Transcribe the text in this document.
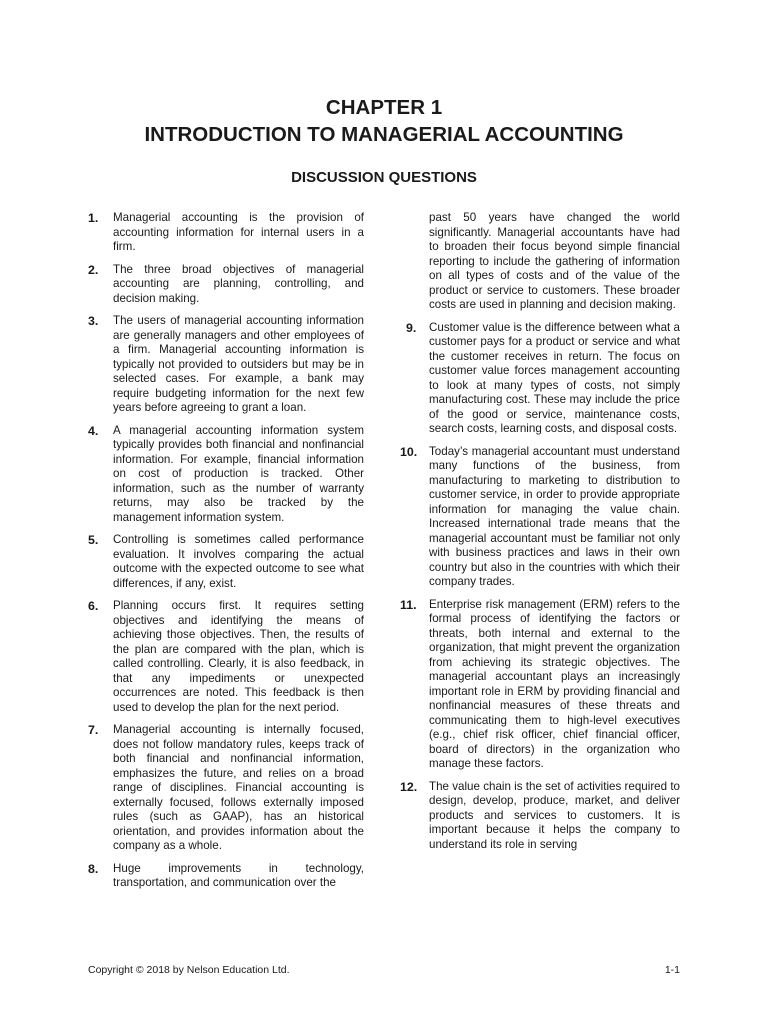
CHAPTER 1
INTRODUCTION TO MANAGERIAL ACCOUNTING
DISCUSSION QUESTIONS
1. Managerial accounting is the provision of accounting information for internal users in a firm.
2. The three broad objectives of managerial accounting are planning, controlling, and decision making.
3. The users of managerial accounting information are generally managers and other employees of a firm. Managerial accounting information is typically not provided to outsiders but may be in selected cases. For example, a bank may require budgeting information for the next few years before agreeing to grant a loan.
4. A managerial accounting information system typically provides both financial and nonfinancial information. For example, financial information on cost of production is tracked. Other information, such as the number of warranty returns, may also be tracked by the management information system.
5. Controlling is sometimes called performance evaluation. It involves comparing the actual outcome with the expected outcome to see what differences, if any, exist.
6. Planning occurs first. It requires setting objectives and identifying the means of achieving those objectives. Then, the results of the plan are compared with the plan, which is called controlling. Clearly, it is also feedback, in that any impediments or unexpected occurrences are noted. This feedback is then used to develop the plan for the next period.
7. Managerial accounting is internally focused, does not follow mandatory rules, keeps track of both financial and nonfinancial information, emphasizes the future, and relies on a broad range of disciplines. Financial accounting is externally focused, follows externally imposed rules (such as GAAP), has an historical orientation, and provides information about the company as a whole.
8. Huge improvements in technology, transportation, and communication over the
past 50 years have changed the world significantly. Managerial accountants have had to broaden their focus beyond simple financial reporting to include the gathering of information on all types of costs and of the value of the product or service to customers. These broader costs are used in planning and decision making.
9. Customer value is the difference between what a customer pays for a product or service and what the customer receives in return. The focus on customer value forces management accounting to look at many types of costs, not simply manufacturing cost. These may include the price of the good or service, maintenance costs, search costs, learning costs, and disposal costs.
10. Today’s managerial accountant must understand many functions of the business, from manufacturing to marketing to distribution to customer service, in order to provide appropriate information for managing the value chain. Increased international trade means that the managerial accountant must be familiar not only with business practices and laws in their own country but also in the countries with which their company trades.
11. Enterprise risk management (ERM) refers to the formal process of identifying the factors or threats, both internal and external to the organization, that might prevent the organization from achieving its strategic objectives. The managerial accountant plays an increasingly important role in ERM by providing financial and nonfinancial measures of these threats and communicating them to high-level executives (e.g., chief risk officer, chief financial officer, board of directors) in the organization who manage these factors.
12. The value chain is the set of activities required to design, develop, produce, market, and deliver products and services to customers. It is important because it helps the company to understand its role in serving
Copyright © 2018 by Nelson Education Ltd.	1-1
